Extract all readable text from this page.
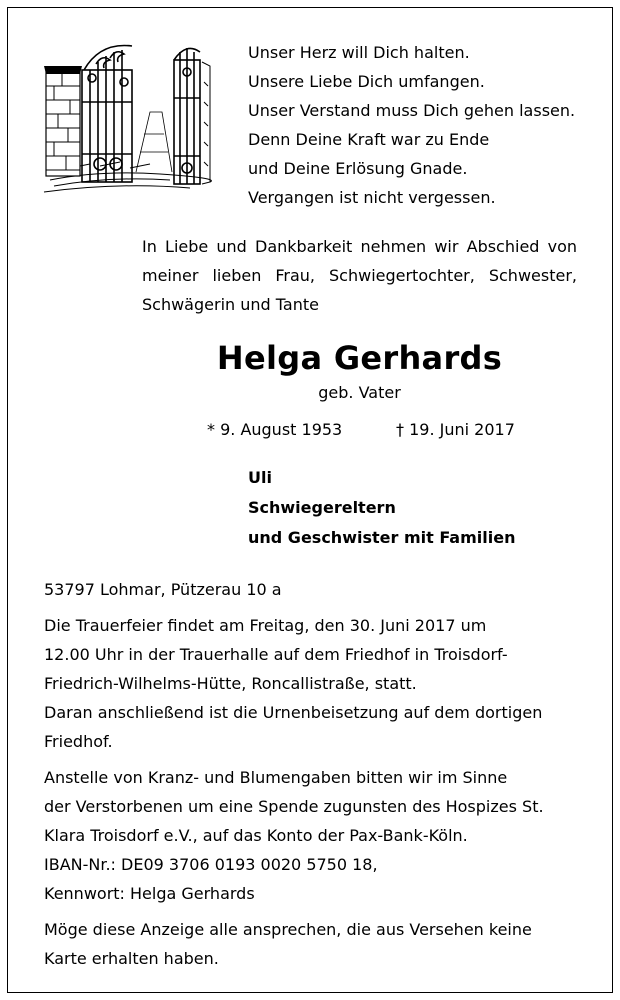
Unser Herz will Dich halten.
Unsere Liebe Dich umfangen.
Unser Verstand muss Dich gehen lassen.
Denn Deine Kraft war zu Ende
und Deine Erlösung Gnade.
Vergangen ist nicht vergessen.
In Liebe und Dankbarkeit nehmen wir Abschied von
meiner lieben Frau, Schwiegertochter, Schwester,
Schwägerin und Tante
Helga Gerhards
geb. Vater
* 9. August 1953	† 19. Juni 2017
Uli
Schwiegereltern
und Geschwister mit Familien

53797 Lohmar, Pützerau 10 a

Die Trauerfeier findet am Freitag, den 30. Juni 2017 um
12.00 Uhr in der Trauerhalle auf dem Friedhof in Troisdorf-
Friedrich-Wilhelms-Hütte, Roncallistraße, statt.
Daran anschließend ist die Urnenbeisetzung auf dem dortigen
Friedhof.
Anstelle von Kranz- und Blumengaben bitten wir im Sinne
der Verstorbenen um eine Spende zugunsten des Hospizes St.
Klara Troisdorf e.V., auf das Konto der Pax-Bank-Köln.
IBAN-Nr.: DE09 3706 0193 0020 5750 18,
Kennwort: Helga Gerhards
Möge diese Anzeige alle ansprechen, die aus Versehen keine
Karte erhalten haben.
